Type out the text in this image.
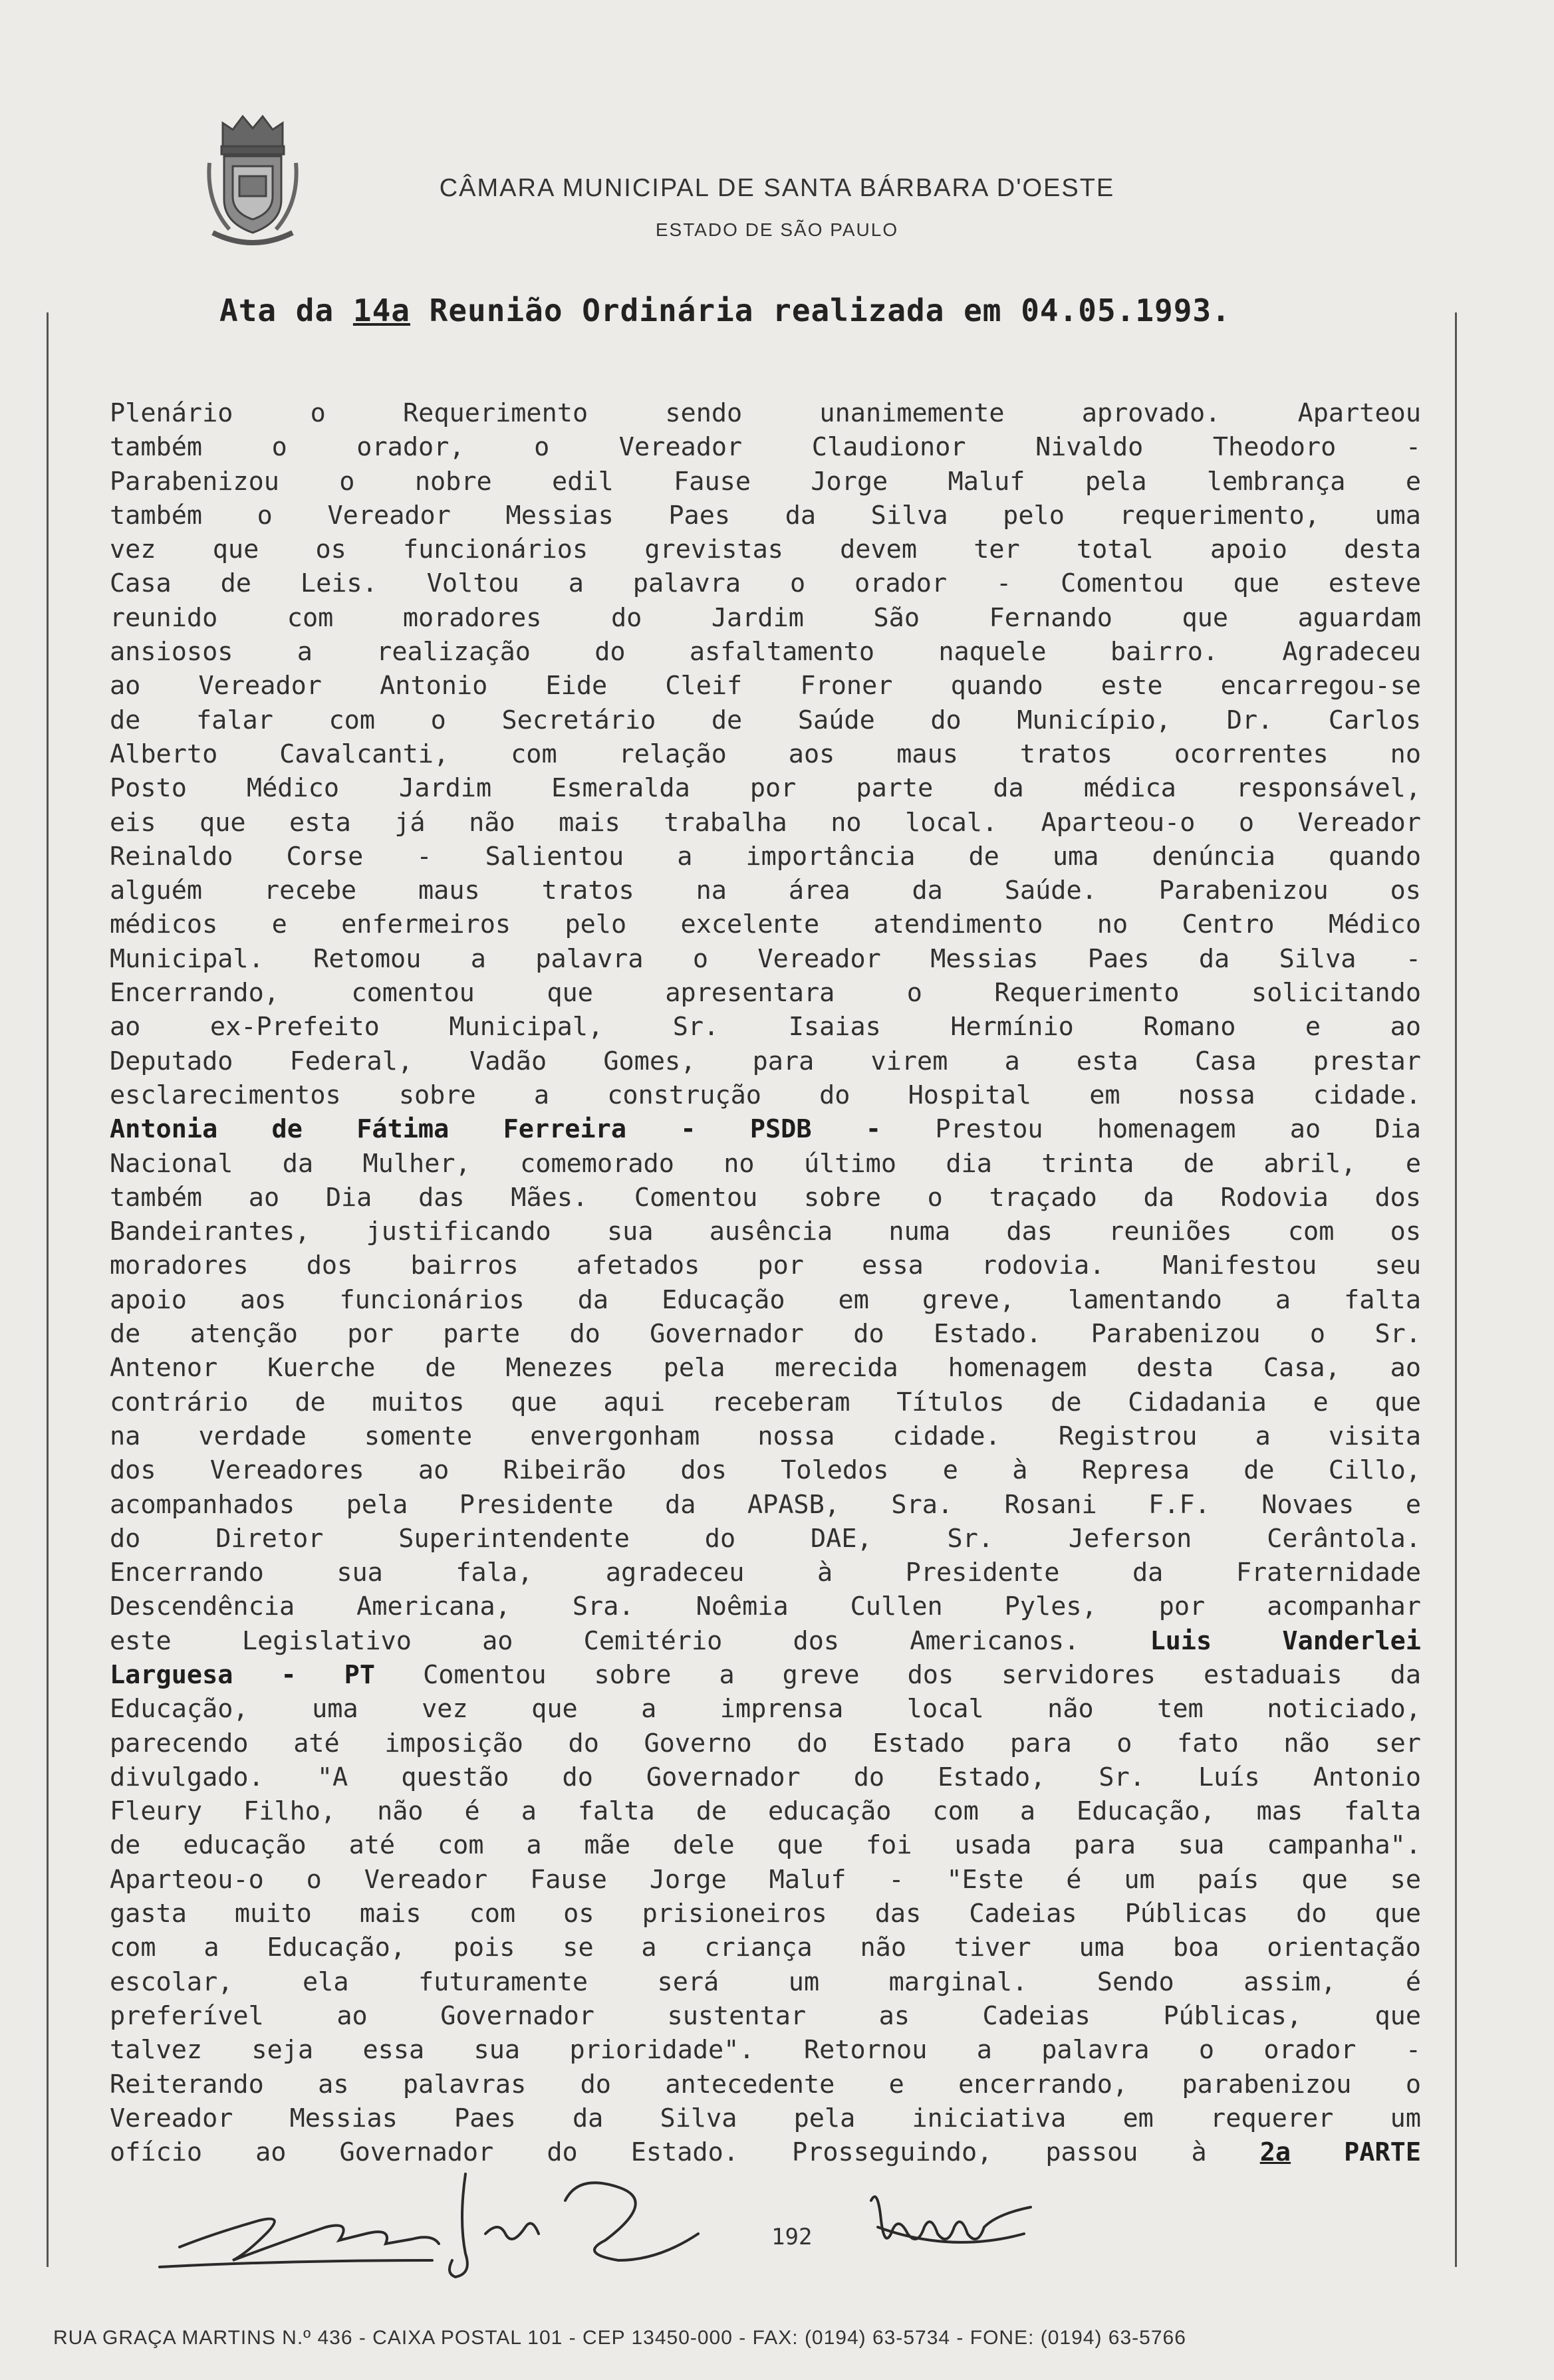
CÂMARA MUNICIPAL DE SANTA BÁRBARA D'OESTE
ESTADO DE SÃO PAULO
Ata da 14a Reunião Ordinária realizada em 04.05.1993.
Plenário o Requerimento sendo unanimemente aprovado. Aparteou
também o orador, o Vereador Claudionor Nivaldo Theodoro -
Parabenizou o nobre edil Fause Jorge Maluf pela lembrança e
também o Vereador Messias Paes da Silva pelo requerimento, uma
vez que os funcionários grevistas devem ter total apoio desta
Casa de Leis. Voltou a palavra o orador - Comentou que esteve
reunido com moradores do Jardim São Fernando que aguardam
ansiosos a realização do asfaltamento naquele bairro. Agradeceu
ao Vereador Antonio Eide Cleif Froner quando este encarregou-se
de falar com o Secretário de Saúde do Município, Dr. Carlos
Alberto Cavalcanti, com relação aos maus tratos ocorrentes no
Posto Médico Jardim Esmeralda por parte da médica responsável,
eis que esta já não mais trabalha no local. Aparteou-o o Vereador
Reinaldo Corse - Salientou a importância de uma denúncia quando
alguém recebe maus tratos na área da Saúde. Parabenizou os
médicos e enfermeiros pelo excelente atendimento no Centro Médico
Municipal. Retomou a palavra o Vereador Messias Paes da Silva -
Encerrando, comentou que apresentara o Requerimento solicitando
ao ex-Prefeito Municipal, Sr. Isaias Hermínio Romano e ao
Deputado Federal, Vadão Gomes, para virem a esta Casa prestar
esclarecimentos sobre a construção do Hospital em nossa cidade.
Antonia de Fátima Ferreira - PSDB - Prestou homenagem ao Dia
Nacional da Mulher, comemorado no último dia trinta de abril, e
também ao Dia das Mães. Comentou sobre o traçado da Rodovia dos
Bandeirantes, justificando sua ausência numa das reuniões com os
moradores dos bairros afetados por essa rodovia. Manifestou seu
apoio aos funcionários da Educação em greve, lamentando a falta
de atenção por parte do Governador do Estado. Parabenizou o Sr.
Antenor Kuerche de Menezes pela merecida homenagem desta Casa, ao
contrário de muitos que aqui receberam Títulos de Cidadania e que
na verdade somente envergonham nossa cidade. Registrou a visita
dos Vereadores ao Ribeirão dos Toledos e à Represa de Cillo,
acompanhados pela Presidente da APASB, Sra. Rosani F.F. Novaes e
do Diretor Superintendente do DAE, Sr. Jeferson Cerântola.
Encerrando sua fala, agradeceu à Presidente da Fraternidade
Descendência Americana, Sra. Noêmia Cullen Pyles, por acompanhar
este Legislativo ao Cemitério dos Americanos. Luis Vanderlei
Larguesa - PT Comentou sobre a greve dos servidores estaduais da
Educação, uma vez que a imprensa local não tem noticiado,
parecendo até imposição do Governo do Estado para o fato não ser
divulgado. "A questão do Governador do Estado, Sr. Luís Antonio
Fleury Filho, não é a falta de educação com a Educação, mas falta
de educação até com a mãe dele que foi usada para sua campanha".
Aparteou-o o Vereador Fause Jorge Maluf - "Este é um país que se
gasta muito mais com os prisioneiros das Cadeias Públicas do que
com a Educação, pois se a criança não tiver uma boa orientação
escolar, ela futuramente será um marginal. Sendo assim, é
preferível ao Governador sustentar as Cadeias Públicas, que
talvez seja essa sua prioridade". Retornou a palavra o orador -
Reiterando as palavras do antecedente e encerrando, parabenizou o
Vereador Messias Paes da Silva pela iniciativa em requerer um
ofício ao Governador do Estado. Prosseguindo, passou à 2a PARTE
192
RUA GRAÇA MARTINS N.º 436 - CAIXA POSTAL 101 - CEP 13450-000 - FAX: (0194) 63-5734 - FONE: (0194) 63-5766
